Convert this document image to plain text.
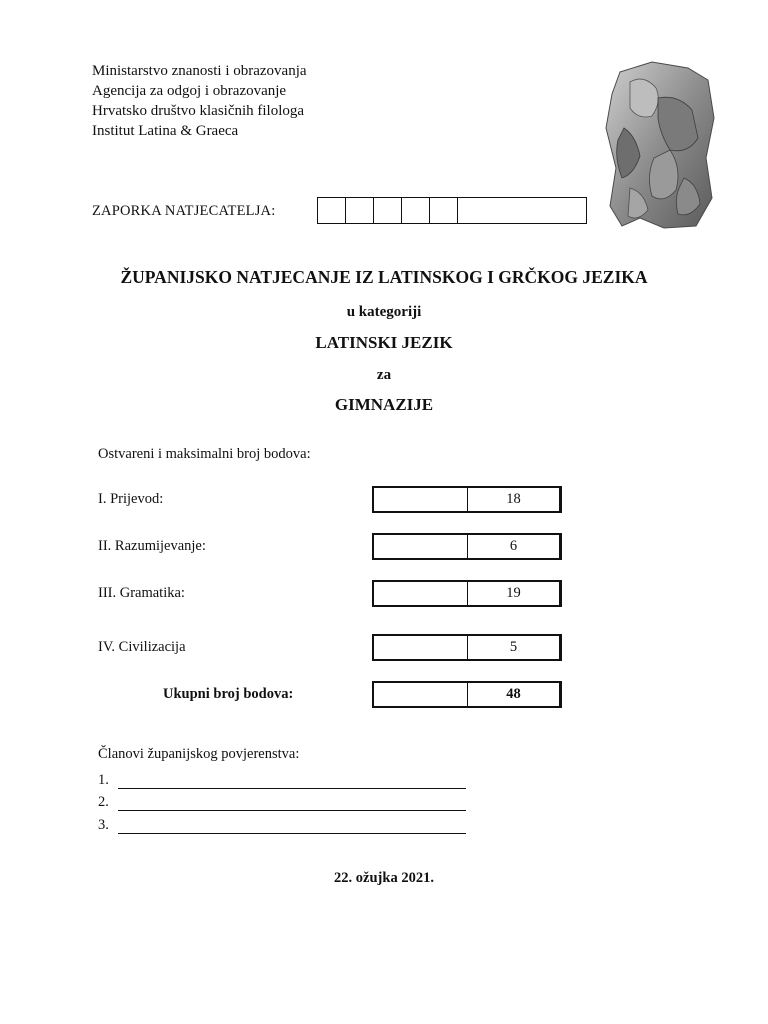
Ministarstvo znanosti i obrazovanja
Agencija za odgoj i obrazovanje
Hrvatsko društvo klasičnih filologa
Institut Latina & Graeca
ZAPORKA NATJECATELJA:
ŽUPANIJSKO NATJECANJE IZ LATINSKOG I GRČKOG JEZIKA
u kategoriji
LATINSKI JEZIK
za
GIMNAZIJE
Ostvareni i maksimalni broj bodova:
I. Prijevod:	18
II. Razumijevanje:	6
III. Gramatika:	19
IV. Civilizacija	5
Ukupni broj bodova:	48
Članovi županijskog povjerenstva:
1.
2.
3.
22. ožujka 2021.
